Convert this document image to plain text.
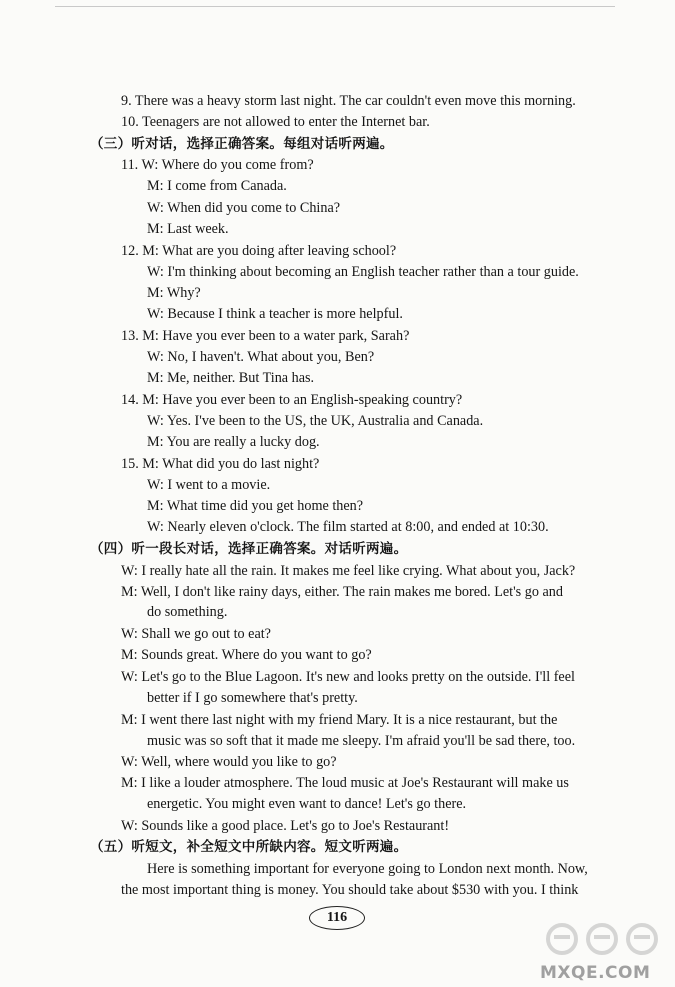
9. There was a heavy storm last night. The car couldn't even move this morning.
10. Teenagers are not allowed to enter the Internet bar.
（三）听对话，选择正确答案。每组对话听两遍。
11. W: Where do you come from?
M: I come from Canada.
W: When did you come to China?
M: Last week.
12. M: What are you doing after leaving school?
W: I'm thinking about becoming an English teacher rather than a tour guide.
M: Why?
W: Because I think a teacher is more helpful.
13. M: Have you ever been to a water park, Sarah?
W: No, I haven't. What about you, Ben?
M: Me, neither. But Tina has.
14. M: Have you ever been to an English-speaking country?
W: Yes. I've been to the US, the UK, Australia and Canada.
M: You are really a lucky dog.
15. M: What did you do last night?
W: I went to a movie.
M: What time did you get home then?
W: Nearly eleven o'clock. The film started at 8:00, and ended at 10:30.
（四）听一段长对话，选择正确答案。对话听两遍。
W: I really hate all the rain. It makes me feel like crying. What about you, Jack?
M: Well, I don't like rainy days, either. The rain makes me bored. Let's go and
do something.
W: Shall we go out to eat?
M: Sounds great. Where do you want to go?
W: Let's go to the Blue Lagoon. It's new and looks pretty on the outside. I'll feel
better if I go somewhere that's pretty.
M: I went there last night with my friend Mary. It is a nice restaurant, but the
music was so soft that it made me sleepy. I'm afraid you'll be sad there, too.
W: Well, where would you like to go?
M: I like a louder atmosphere. The loud music at Joe's Restaurant will make us
energetic. You might even want to dance! Let's go there.
W: Sounds like a good place. Let's go to Joe's Restaurant!
（五）听短文，补全短文中所缺内容。短文听两遍。
Here is something important for everyone going to London next month. Now,
the most important thing is money. You should take about $530 with you. I think
116
MXQE.COM
